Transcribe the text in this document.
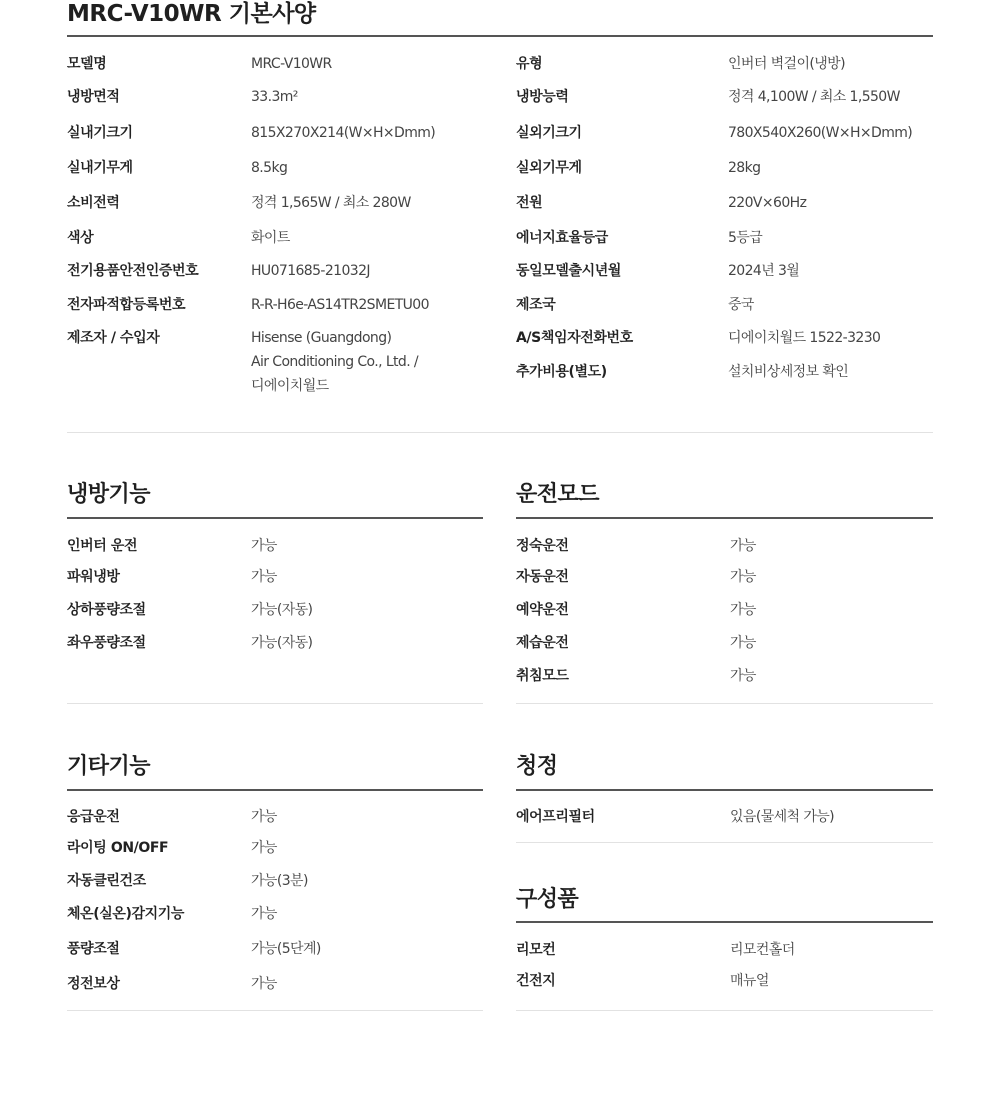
MRC-V10WR 기본사양
모델명	MRC-V10WR
냉방면적	33.3m²
실내기크기	815X270X214(W×H×Dmm)
실내기무게	8.5kg
소비전력	정격 1,565W / 최소 280W
색상	화이트
전기용품안전인증번호	HU071685-21032J
전자파적합등록번호	R-R-H6e-AS14TR2SMETU00
제조자 / 수입자	Hisense (Guangdong)
Air Conditioning Co., Ltd. /
디에이치월드
유형	인버터 벽걸이(냉방)
냉방능력	정격 4,100W / 최소 1,550W
실외기크기	780X540X260(W×H×Dmm)
실외기무게	28kg
전원	220V×60Hz
에너지효율등급	5등급
동일모델출시년월	2024년 3월
제조국	중국
A/S책임자전화번호	디에이치월드 1522-3230
추가비용(별도)	설치비상세정보 확인
냉방기능
인버터 운전	가능
파워냉방	가능
상하풍량조절	가능(자동)
좌우풍량조절	가능(자동)
운전모드
정숙운전	가능
자동운전	가능
예약운전	가능
제습운전	가능
취침모드	가능
기타기능
응급운전	가능
라이팅 ON/OFF	가능
자동클린건조	가능(3분)
체온(실온)감지기능	가능
풍량조절	가능(5단계)
정전보상	가능
청정
에어프리필터	있음(물세척 가능)
구성품
리모컨	리모컨홀더
건전지	매뉴얼
